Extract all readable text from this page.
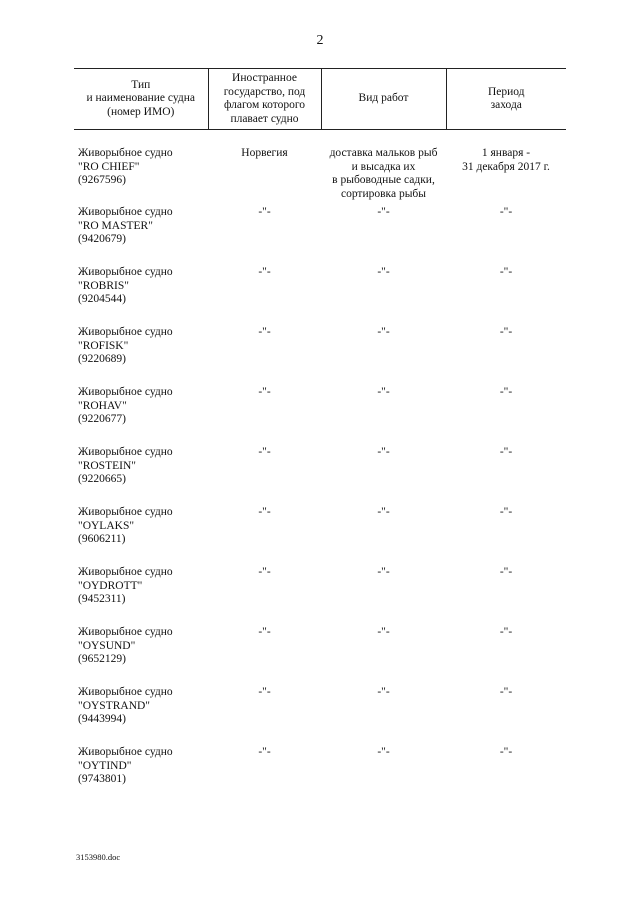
2
Тип
и наименование судна
(номер ИМО)	Иностранное
государство, под
флагом которого
плавает судно	Вид работ	Период
захода

Живорыбное судно
"RO CHIEF"
(9267596)	Норвегия	доставка мальков рыб
и высадка их
в рыбоводные садки,
сортировка рыбы	1 января -
31 декабря 2017 г.

Живорыбное судно
"RO MASTER"
(9420679)	-"-	-"-	-"-

Живорыбное судно
"ROBRIS"
(9204544)	-"-	-"-	-"-

Живорыбное судно
"ROFISK"
(9220689)	-"-	-"-	-"-

Живорыбное судно
"ROHAV"
(9220677)	-"-	-"-	-"-

Живорыбное судно
"ROSTEIN"
(9220665)	-"-	-"-	-"-

Живорыбное судно
"OYLAKS"
(9606211)	-"-	-"-	-"-

Живорыбное судно
"OYDROTT"
(9452311)	-"-	-"-	-"-

Живорыбное судно
"OYSUND"
(9652129)	-"-	-"-	-"-

Живорыбное судно
"OYSTRAND"
(9443994)	-"-	-"-	-"-

Живорыбное судно
"OYTIND"
(9743801)	-"-	-"-	-"-
3153980.doc
